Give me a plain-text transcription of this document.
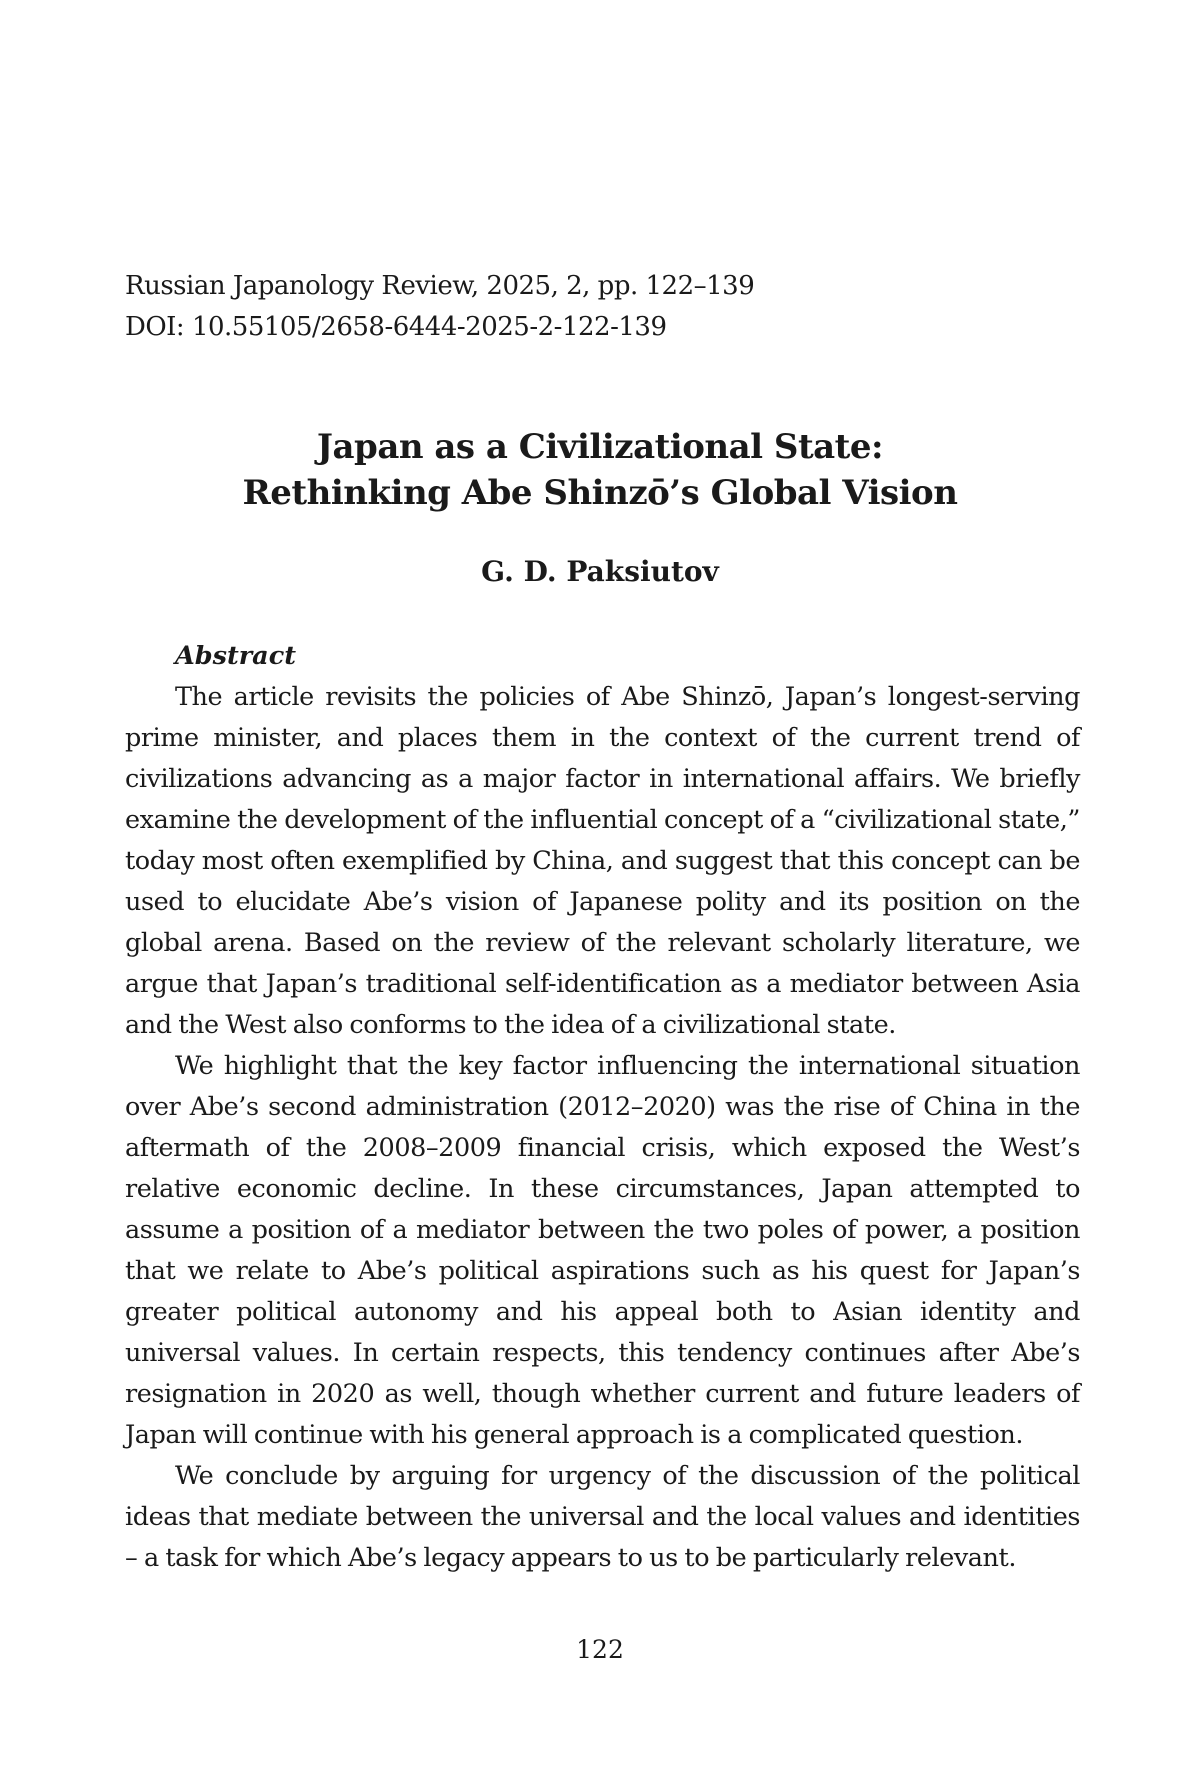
Russian Japanology Review, 2025, 2, pp. 122–139
DOI: 10.55105/2658-6444-2025-2-122-139
Japan as a Civilizational State:
Rethinking Abe Shinzō’s Global Vision
G. D. Paksiutov
Abstract

The article revisits the policies of Abe Shinzō, Japan’s longest-serving prime minister, and places them in the context of the current trend of civilizations advancing as a major factor in international affairs. We briefly examine the development of the influential concept of a “civilizational state,” today most often exemplified by China, and suggest that this concept can be used to elucidate Abe’s vision of Japanese polity and its position on the global arena. Based on the review of the relevant scholarly literature, we argue that Japan’s traditional self-identification as a mediator between Asia and the West also conforms to the idea of a civilizational state.

We highlight that the key factor influencing the international situation over Abe’s second administration (2012–2020) was the rise of China in the aftermath of the 2008–2009 financial crisis, which exposed the West’s relative economic decline. In these circumstances, Japan attempted to assume a position of a mediator between the two poles of power, a position that we relate to Abe’s political aspirations such as his quest for Japan’s greater political autonomy and his appeal both to Asian identity and universal values. In certain respects, this tendency continues after Abe’s resignation in 2020 as well, though whether current and future leaders of Japan will continue with his general approach is a complicated question.

We conclude by arguing for urgency of the discussion of the political ideas that mediate between the universal and the local values and identities – a task for which Abe’s legacy appears to us to be particularly relevant.

122
